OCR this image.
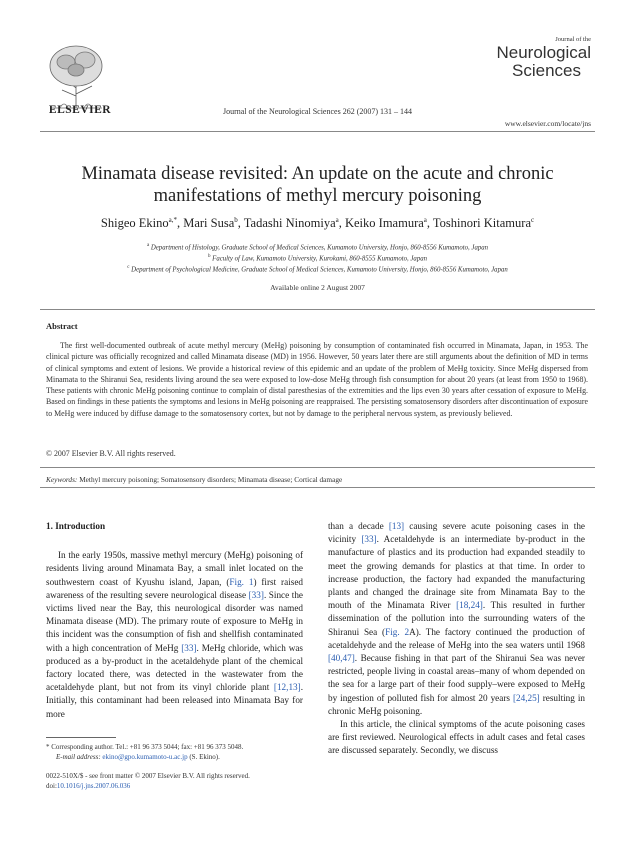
ELSEVIER	Journal of the Neurological Sciences 262 (2007) 131 – 144
Journal of the
Neurological
Sciences
www.elsevier.com/locate/jns
Minamata disease revisited: An update on the acute and chronic
manifestations of methyl mercury poisoning
Shigeo Ekino$^{a,*}$, Mari Susa$^b$, Tadashi Ninomiya$^a$, Keiko Imamura$^a$, Toshinori Kitamura$^c$
$^a$ Department of Histology, Graduate School of Medical Sciences, Kumamoto University, Honjo, 860-8556 Kumamoto, Japan
$^b$ Faculty of Law, Kumamoto University, Kurokami, 860-8555 Kumamoto, Japan
$^c$ Department of Psychological Medicine, Graduate School of Medical Sciences, Kumamoto University, Honjo, 860-8556 Kumamoto, Japan
Available online 2 August 2007
Abstract
The first well-documented outbreak of acute methyl mercury (MeHg) poisoning by consumption of contaminated fish occurred in Minamata, Japan, in 1953. The clinical picture was officially recognized and called Minamata disease (MD) in 1956. However, 50 years later there are still arguments about the definition of MD in terms of clinical symptoms and extent of lesions. We provide a historical review of this epidemic and an update of the problem of MeHg toxicity. Since MeHg dispersed from Minamata to the Shiranui Sea, residents living around the sea were exposed to low-dose MeHg through fish consumption for about 20 years (at least from 1950 to 1968). These patients with chronic MeHg poisoning continue to complain of distal paresthesias of the extremities and the lips even 30 years after cessation of exposure to MeHg. Based on findings in these patients the symptoms and lesions in MeHg poisoning are reappraised. The persisting somatosensory disorders after discontinuation of exposure to MeHg were induced by diffuse damage to the somatosensory cortex, but not by damage to the peripheral nervous system, as previously believed.
© 2007 Elsevier B.V. All rights reserved.
Keywords: Methyl mercury poisoning; Somatosensory disorders; Minamata disease; Cortical damage

1. Introduction

In the early 1950s, massive methyl mercury (MeHg) poisoning of residents living around Minamata Bay, a small inlet located on the southwestern coast of Kyushu island, Japan, (Fig. 1) first raised awareness of the resulting severe neurological disease [33]. Since the victims lived near the Bay, this neurological disorder was named Minamata disease (MD). The primary route of exposure to MeHg in this incident was the consumption of fish and shellfish contaminated with a high concentration of MeHg [33]. MeHg chloride, which was produced as a by-product in the acetaldehyde plant of the chemical factory located there, was detected in the wastewater from the acetaldehyde plant, but not from its vinyl chloride plant [12,13]. Initially, this contaminant had been released into Minamata Bay for more

than a decade [13] causing severe acute poisoning cases in the vicinity [33]. Acetaldehyde is an intermediate by-product in the manufacture of plastics and its production had expanded steadily to meet the growing demands for plastics at that time. In order to increase production, the factory had expanded the manufacturing plants and changed the drainage site from Minamata Bay to the mouth of the Minamata River [18,24]. This resulted in further dissemination of the pollution into the surrounding waters of the Shiranui Sea (Fig. 2A). The factory continued the production of acetaldehyde and the release of MeHg into the sea waters until 1968 [40,47]. Because fishing in that part of the Shiranui Sea was never restricted, people living in coastal areas–many of whom depended on the sea for a large part of their food supply–were exposed to MeHg by ingestion of polluted fish for almost 20 years [24,25] resulting in chronic MeHg poisoning.

In this article, the clinical symptoms of the acute poisoning cases are first reviewed. Neurological effects in adult cases and fetal cases are discussed separately. Secondly, we discuss

* Corresponding author. Tel.: +81 96 373 5044; fax: +81 96 373 5048.
E-mail address: ekino@gpo.kumamoto-u.ac.jp (S. Ekino).
0022-510X/$ - see front matter © 2007 Elsevier B.V. All rights reserved.
doi:10.1016/j.jns.2007.06.036
